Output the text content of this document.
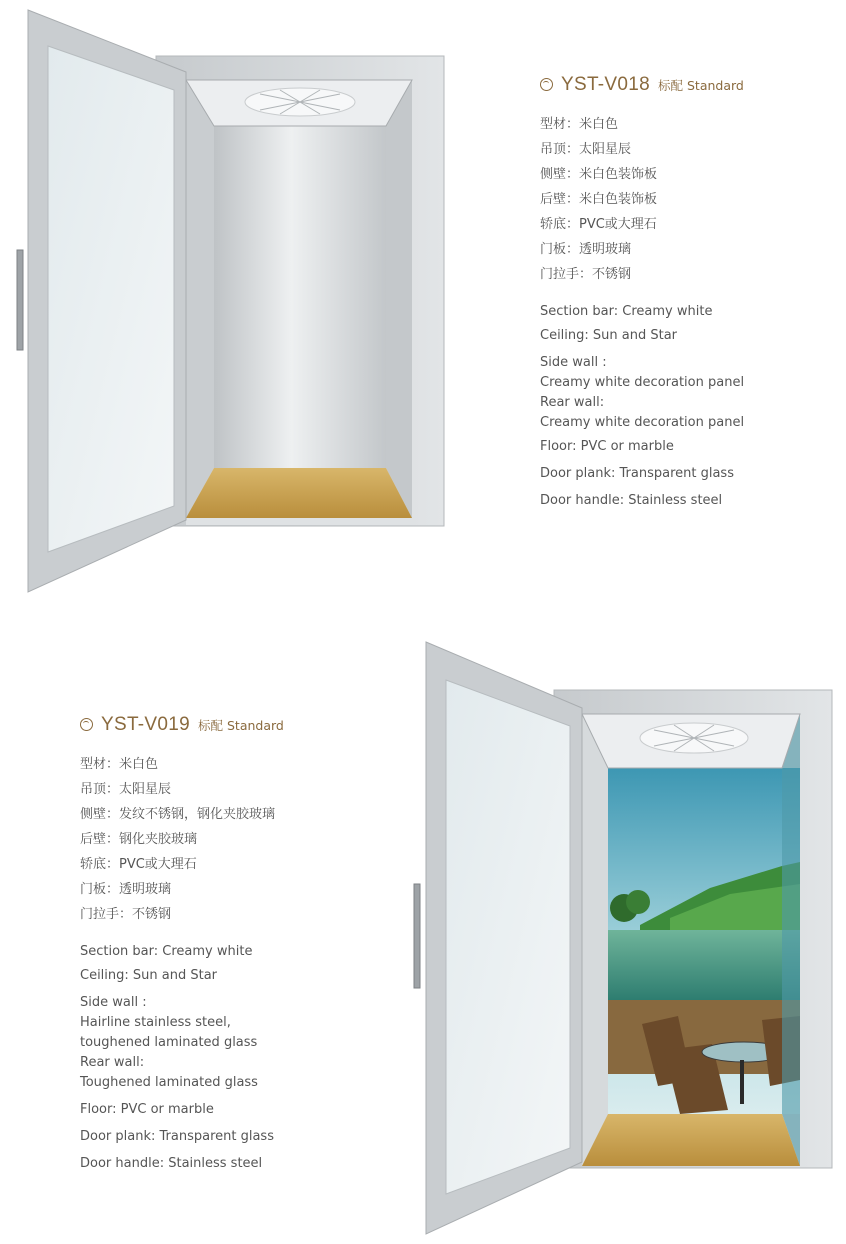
YST-V018 标配 Standard
型材：米白色
吊顶：太阳星辰
侧壁：米白色装饰板
后壁：米白色装饰板
轿底：PVC或大理石
门板：透明玻璃
门拉手：不锈钢
Section bar: Creamy white
Ceiling: Sun and Star
Side wall :
Creamy white decoration panel
Rear wall:
Creamy white decoration panel
Floor: PVC or marble
Door plank: Transparent glass
Door handle: Stainless steel
YST-V019 标配 Standard
型材：米白色
吊顶：太阳星辰
侧壁：发纹不锈钢，钢化夹胶玻璃
后壁：钢化夹胶玻璃
轿底：PVC或大理石
门板：透明玻璃
门拉手：不锈钢
Section bar: Creamy white
Ceiling: Sun and Star
Side wall :
Hairline stainless steel,
toughened laminated glass
Rear wall:
Toughened laminated glass
Floor: PVC or marble
Door plank: Transparent glass
Door handle: Stainless steel
